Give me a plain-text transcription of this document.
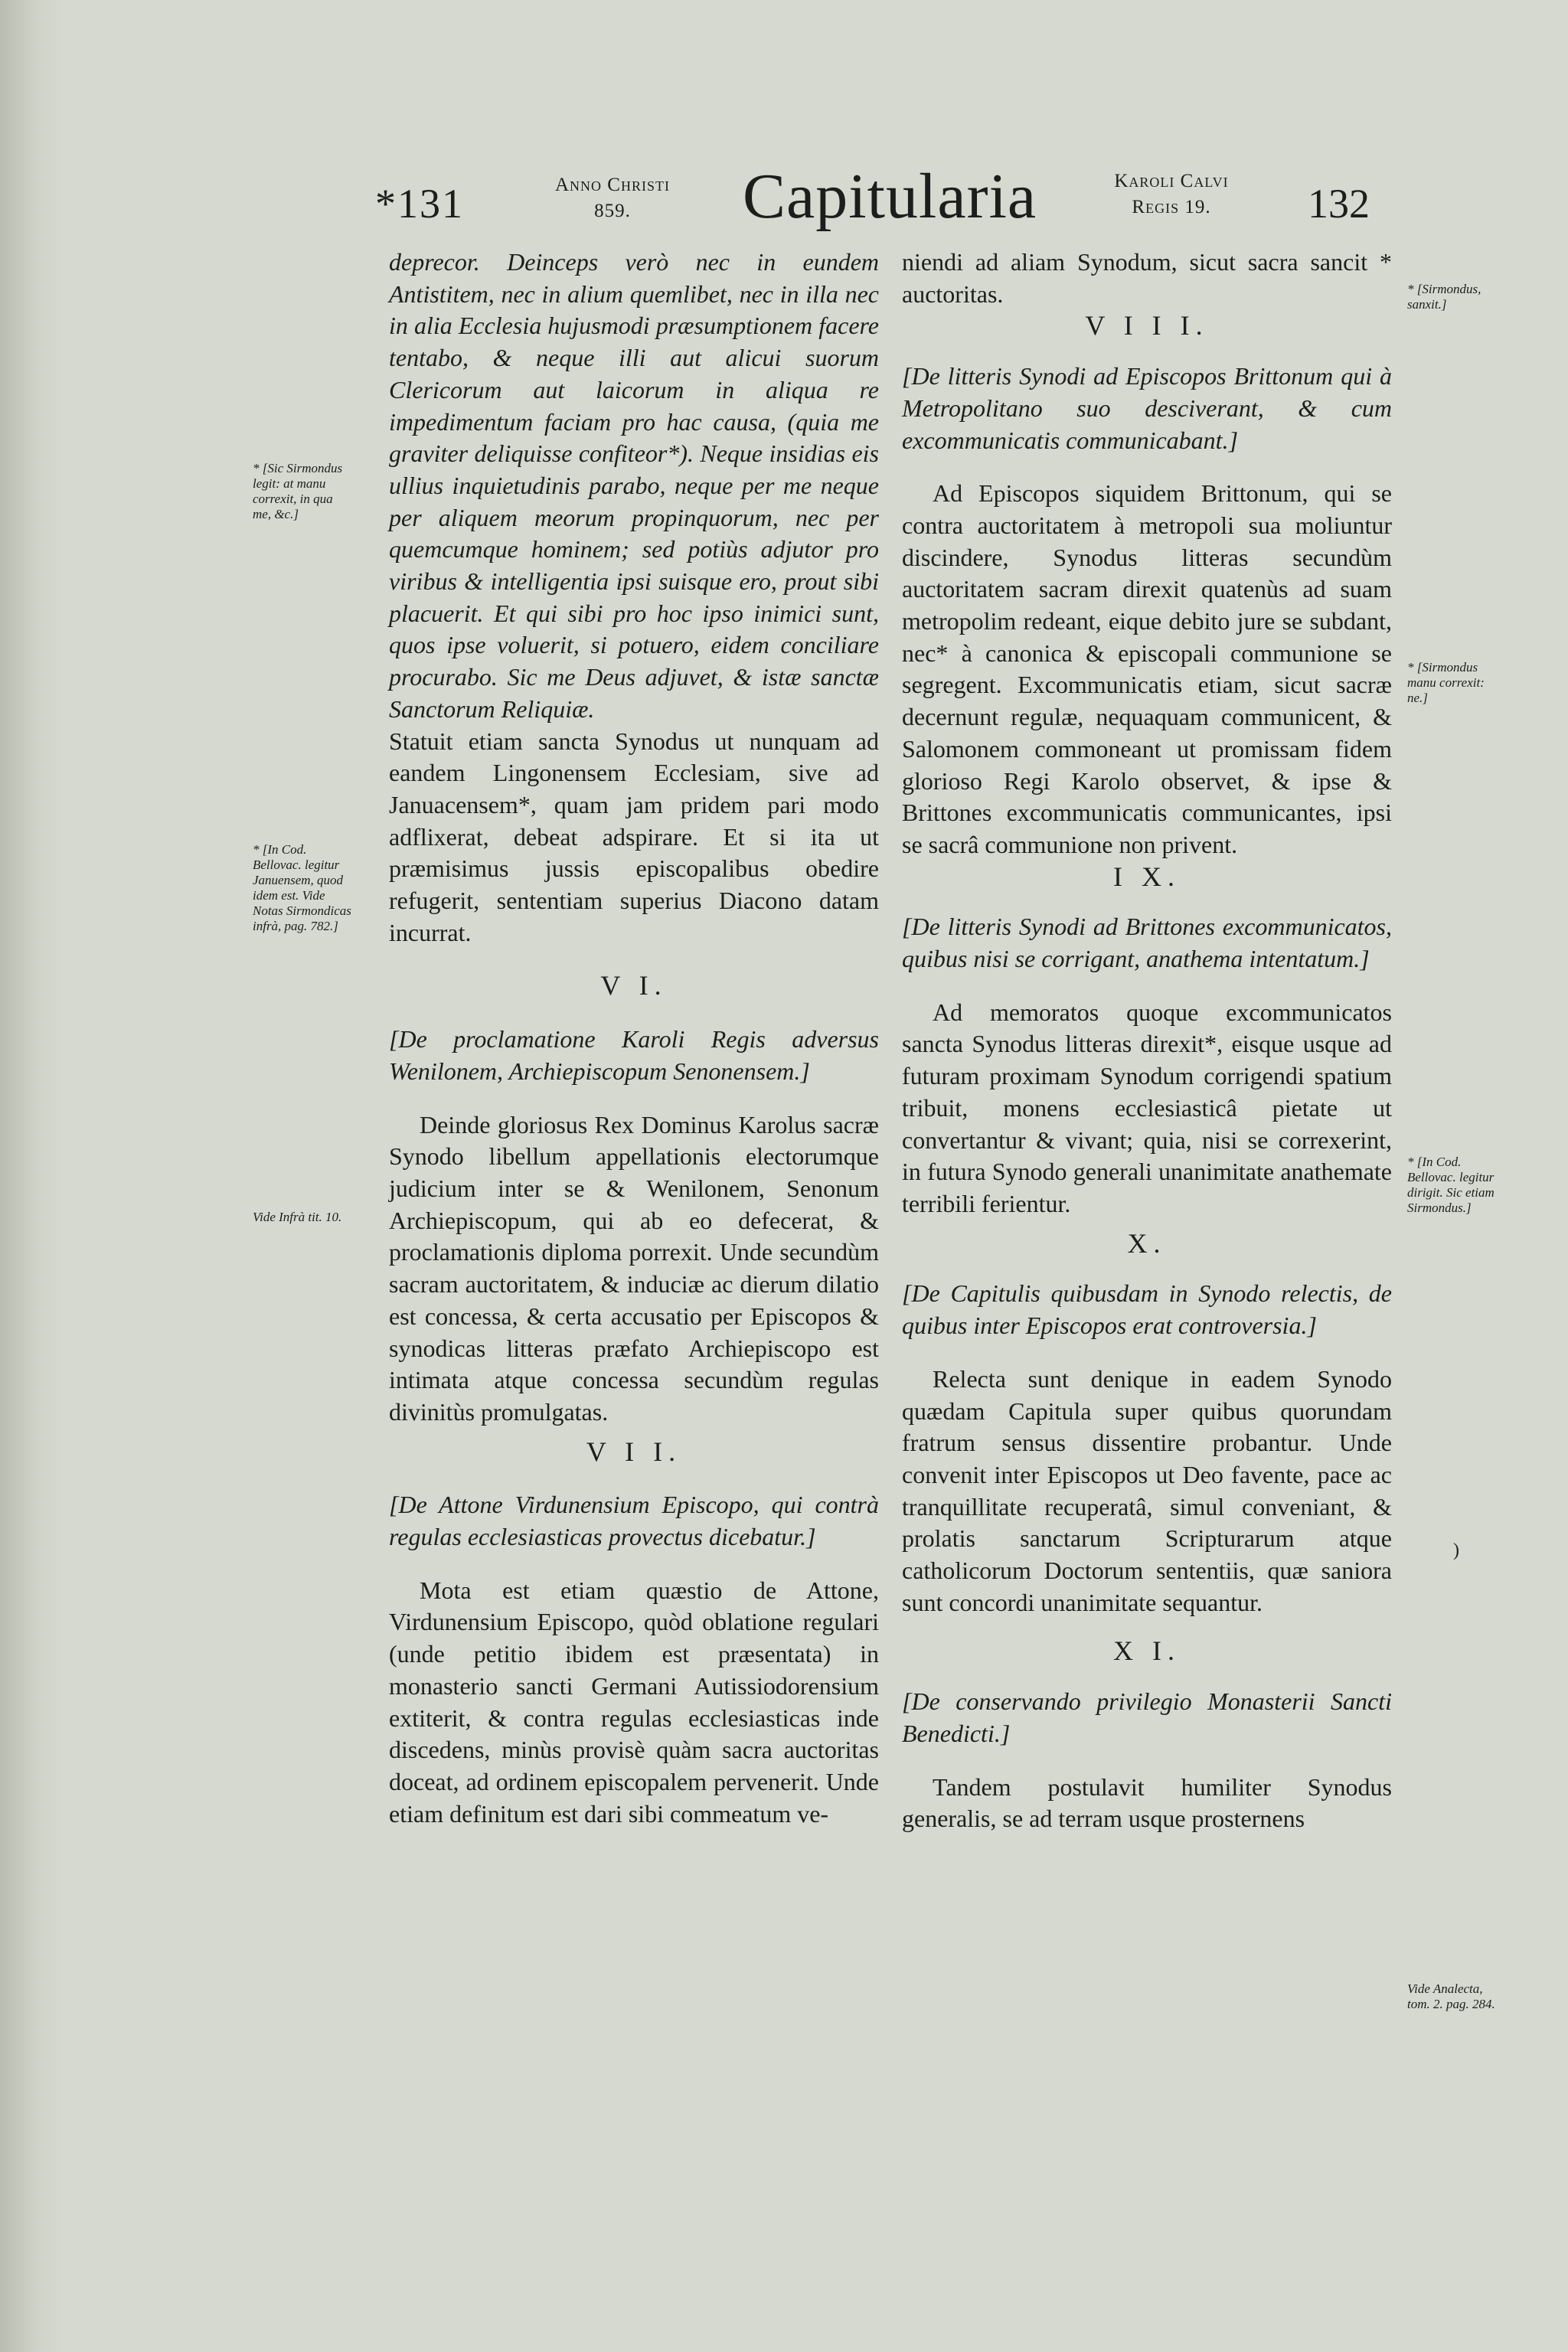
*131	Anno Christi
859.	Capitularia	Karoli Calvi
Regis 19.	132
* [Sic Sirmondus legit: at manu correxit, in qua me, &c.]
* [In Cod. Bellovac. legitur Januensem, quod idem est. Vide Notas Sirmondicas infrà, pag. 782.]
Vide Infrà tit. 10.
* [Sirmondus, sanxit.]
* [Sirmondus manu correxit: ne.]
* [In Cod. Bellovac. legitur dirigit. Sic etiam Sirmondus.]
Vide Analecta, tom. 2. pag. 284.
)

deprecor. Deinceps verò nec in eundem Antistitem, nec in alium quemlibet, nec in illa nec in alia Ecclesia hujusmodi præsumptionem facere tentabo, & neque illi aut alicui suorum Clericorum aut laicorum in aliqua re impedimentum faciam pro hac causa, (quia me graviter deliquisse confiteor*). Neque insidias eis ullius inquietudinis parabo, neque per me neque per aliquem meorum propinquorum, nec per quemcumque hominem; sed potiùs adjutor pro viribus & intelligentia ipsi suisque ero, prout sibi placuerit. Et qui sibi pro hoc ipso inimici sunt, quos ipse voluerit, si potuero, eidem conciliare procurabo. Sic me Deus adjuvet, & istæ sanctæ Sanctorum Reliquiæ.

Statuit etiam sancta Synodus ut nunquam ad eandem Lingonensem Ecclesiam, sive ad Januacensem*, quam jam pridem pari modo adflixerat, debeat adspirare. Et si ita ut præmisimus jussis episcopalibus obedire refugerit, sententiam superius Diacono datam incurrat.

V I.

[De proclamatione Karoli Regis adversus Wenilonem, Archiepiscopum Senonensem.]

Deinde gloriosus Rex Dominus Karolus sacræ Synodo libellum appellationis electorumque judicium inter se & Wenilonem, Senonum Archiepiscopum, qui ab eo defecerat, & proclamationis diploma porrexit. Unde secundùm sacram auctoritatem, & induciæ ac dierum dilatio est concessa, & certa accusatio per Episcopos & synodicas litteras præfato Archiepiscopo est intimata atque concessa secundùm regulas divinitùs promulgatas.

V I I.

[De Attone Virdunensium Episcopo, qui contrà regulas ecclesiasticas provectus dicebatur.]

Mota est etiam quæstio de Attone, Virdunensium Episcopo, quòd oblatione regulari (unde petitio ibidem est præsentata) in monasterio sancti Germani Autissiodorensium extiterit, & contra regulas ecclesiasticas inde discedens, minùs provisè quàm sacra auctoritas doceat, ad ordinem episcopalem pervenerit. Unde etiam definitum est dari sibi commeatum ve-

niendi ad aliam Synodum, sicut sacra sancit * auctoritas.

V I I I.

[De litteris Synodi ad Episcopos Brittonum qui à Metropolitano suo desciverant, & cum excommunicatis communicabant.]

Ad Episcopos siquidem Brittonum, qui se contra auctoritatem à metropoli sua moliuntur discindere, Synodus litteras secundùm auctoritatem sacram direxit quatenùs ad suam metropolim redeant, eique debito jure se subdant, nec* à canonica & episcopali communione se segregent. Excommunicatis etiam, sicut sacræ decernunt regulæ, nequaquam communicent, & Salomonem commoneant ut promissam fidem glorioso Regi Karolo observet, & ipse & Brittones excommunicatis communicantes, ipsi se sacrâ communione non privent.

I X.

[De litteris Synodi ad Brittones excommunicatos, quibus nisi se corrigant, anathema intentatum.]

Ad memoratos quoque excommunicatos sancta Synodus litteras direxit*, eisque usque ad futuram proximam Synodum corrigendi spatium tribuit, monens ecclesiasticâ pietate ut convertantur & vivant; quia, nisi se correxerint, in futura Synodo generali unanimitate anathemate terribili ferientur.

X.

[De Capitulis quibusdam in Synodo relectis, de quibus inter Episcopos erat controversia.]

Relecta sunt denique in eadem Synodo quædam Capitula super quibus quorundam fratrum sensus dissentire probantur. Unde convenit inter Episcopos ut Deo favente, pace ac tranquillitate recuperatâ, simul conveniant, & prolatis sanctarum Scripturarum atque catholicorum Doctorum sententiis, quæ saniora sunt concordi unanimitate sequantur.

X I.

[De conservando privilegio Monasterii Sancti Benedicti.]

Tandem postulavit humiliter Synodus generalis, se ad terram usque prosternens
